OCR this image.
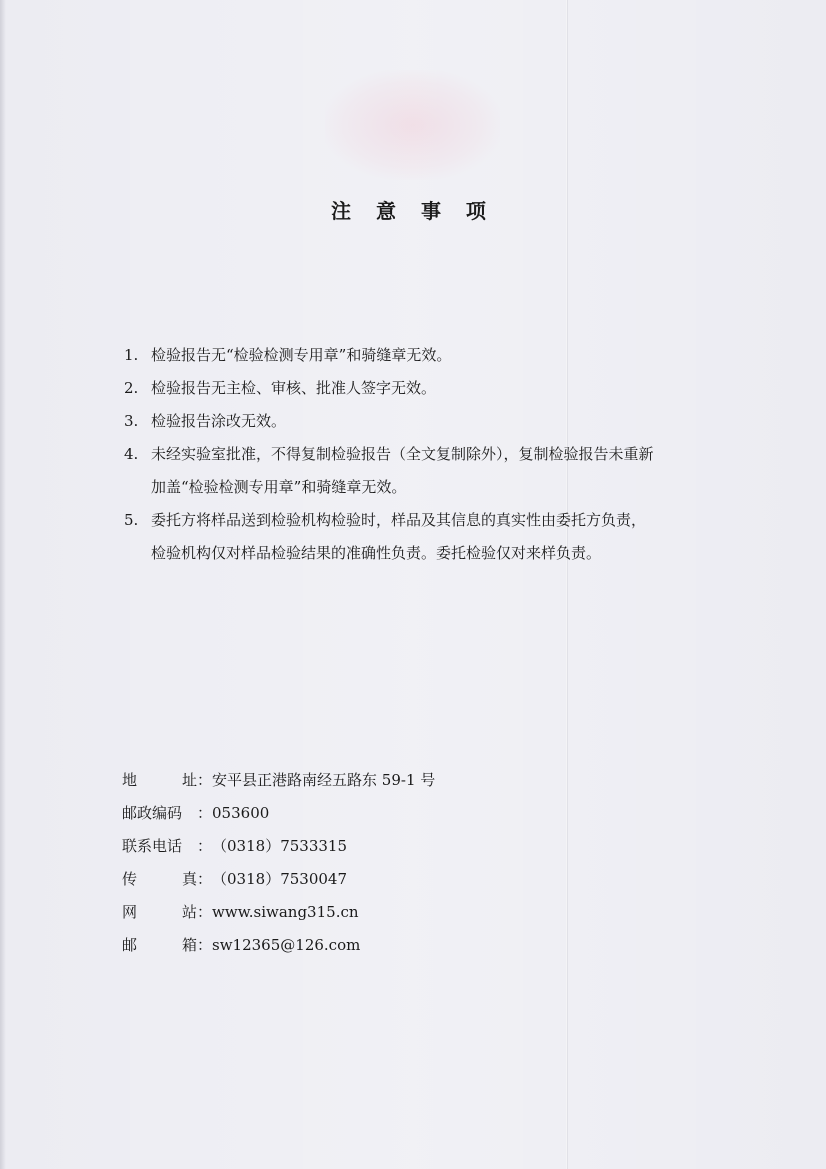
注 意 事 项
1. 检验报告无“检验检测专用章”和骑缝章无效。
2. 检验报告无主检、审核、批准人签字无效。
3. 检验报告涂改无效。
4. 未经实验室批准，不得复制检验报告（全文复制除外），复制检验报告未重新
加盖“检验检测专用章”和骑缝章无效。
5. 委托方将样品送到检验机构检验时，样品及其信息的真实性由委托方负责，
检验机构仅对样品检验结果的准确性负责。委托检验仅对来样负责。
地	址 ： 安平县正港路南经五路东 59-1 号
邮政编码 ： 053600
联系电话 ： （0318）7533315
传	真 ： （0318）7530047
网	站 ： www.siwang315.cn
邮	箱 ： sw12365@126.com
